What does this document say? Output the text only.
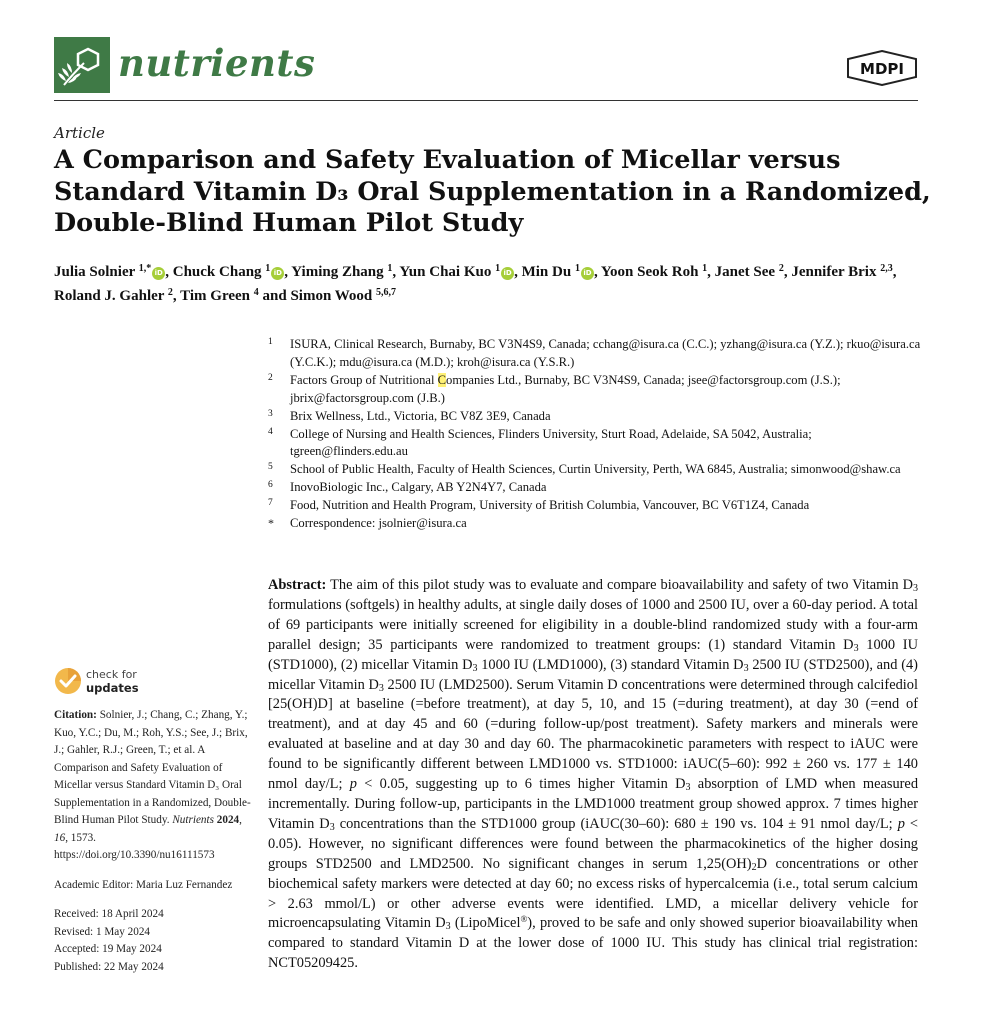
nutrients	MDPI
Article
A Comparison and Safety Evaluation of Micellar versus Standard Vitamin D₃ Oral Supplementation in a Randomized, Double-Blind Human Pilot Study
Julia Solnier $^{1,*}$ iD , Chuck Chang $^1$ iD , Yiming Zhang $^1$, Yun Chai Kuo $^1$ iD , Min Du $^1$ iD , Yoon Seok Roh $^1$, Janet See $^2$, Jennifer Brix $^{2,3}$, Roland J. Gahler $^2$, Tim Green $^4$ and Simon Wood $^{5,6,7}$
1 ISURA, Clinical Research, Burnaby, BC V3N4S9, Canada; cchang@isura.ca (C.C.); yzhang@isura.ca (Y.Z.); rkuo@isura.ca (Y.C.K.); mdu@isura.ca (M.D.); kroh@isura.ca (Y.S.R.)
2 Factors Group of Nutritional Companies Ltd., Burnaby, BC V3N4S9, Canada; jsee@factorsgroup.com (J.S.); jbrix@factorsgroup.com (J.B.)
3 Brix Wellness, Ltd., Victoria, BC V8Z 3E9, Canada
4 College of Nursing and Health Sciences, Flinders University, Sturt Road, Adelaide, SA 5042, Australia; tgreen@flinders.edu.au
5 School of Public Health, Faculty of Health Sciences, Curtin University, Perth, WA 6845, Australia; simonwood@shaw.ca
6 InovoBiologic Inc., Calgary, AB Y2N4Y7, Canada
7 Food, Nutrition and Health Program, University of British Columbia, Vancouver, BC V6T1Z4, Canada
* Correspondence: jsolnier@isura.ca
check for
updates
Citation: Solnier, J.; Chang, C.; Zhang, Y.; Kuo, Y.C.; Du, M.; Roh, Y.S.; See, J.; Brix, J.; Gahler, R.J.; Green, T.; et al. A Comparison and Safety Evaluation of Micellar versus Standard Vitamin D₃ Oral Supplementation in a Randomized, Double-Blind Human Pilot Study. Nutrients 2024, 16, 1573. https://doi.org/10.3390/nu16111573
Academic Editor: Maria Luz Fernandez
Received: 18 April 2024
Revised: 1 May 2024
Accepted: 19 May 2024
Published: 22 May 2024
Abstract: The aim of this pilot study was to evaluate and compare bioavailability and safety of two Vitamin $D_3$ formulations (softgels) in healthy adults, at single daily doses of 1000 and 2500 IU, over a 60-day period. A total of 69 participants were initially screened for eligibility in a double-blind randomized study with a four-arm parallel design; 35 participants were randomized to treatment groups: (1) standard Vitamin $D_3$ 1000 IU (STD1000), (2) micellar Vitamin $D_3$ 1000 IU (LMD1000), (3) standard Vitamin $D_3$ 2500 IU (STD2500), and (4) micellar Vitamin $D_3$ 2500 IU (LMD2500). Serum Vitamin D concentrations were determined through calcifediol [25(OH)D] at baseline (=before treatment), at day 5, 10, and 15 (=during treatment), at day 30 (=end of treatment), and at day 45 and 60 (=during follow-up/post treatment). Safety markers and minerals were evaluated at baseline and at day 30 and day 60. The pharmacokinetic parameters with respect to iAUC were found to be significantly different between LMD1000 vs. STD1000: iAUC(5–60): 992 ± 260 vs. 177 ± 140 nmol day/L; p < 0.05, suggesting up to 6 times higher Vitamin $D_3$ absorption of LMD when measured incrementally. During follow-up, participants in the LMD1000 treatment group showed approx. 7 times higher Vitamin $D_3$ concentrations than the STD1000 group (iAUC(30–60): 680 ± 190 vs. 104 ± 91 nmol day/L; p < 0.05). However, no significant differences were found between the pharmacokinetics of the higher dosing groups STD2500 and LMD2500. No significant changes in serum $1,25(OH)_2D$ concentrations or other biochemical safety markers were detected at day 60; no excess risks of hypercalcemia (i.e., total serum calcium > 2.63 mmol/L) or other adverse events were identified. LMD, a micellar delivery vehicle for microencapsulating Vitamin $D_3$ (LipoMicel®), proved to be safe and only showed superior bioavailability when compared to standard Vitamin D at the lower dose of 1000 IU. This study has clinical trial registration: NCT05209425.
